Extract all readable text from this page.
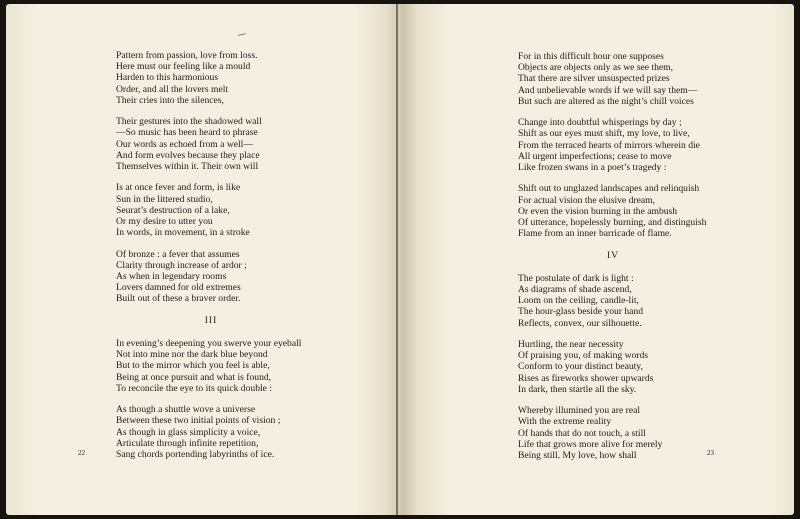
Pattern from passion, love from loss.
Here must our feeling like a mould
Harden to this harmonious
Order, and all the lovers melt
Their cries into the silences,
Their gestures into the shadowed wall
—So music has been heard to phrase
Our words as echoed from a well—
And form evolves because they place
Themselves within it. Their own will
Is at once fever and form, is like
Sun in the littered studio,
Seurat’s destruction of a lake,
Or my desire to utter you
In words, in movement, in a stroke
Of bronze : a fever that assumes
Clarity through increase of ardor ;
As when in legendary rooms
Lovers damned for old extremes
Built out of these a braver order.
III
In evening’s deepening you swerve your eyeball
Not into mine nor the dark blue beyond
But to the mirror which you feel is able,
Being at once pursuit and what is found,
To reconcile the eye to its quick double :
As though a shuttle wove a universe
Between these two initial points of vision ;
As though in glass simplicity a voice,
Articulate through infinite repetition,
Sang chords portending labyrinths of ice.
22
For in this difficult hour one supposes
Objects are objects only as we see them,
That there are silver unsuspected prizes
And unbelievable words if we will say them—
But such are altered as the night’s chill voices
Change into doubtful whisperings by day ;
Shift as our eyes must shift, my love, to live,
From the terraced hearts of mirrors wherein die
All urgent imperfections; cease to move
Like frozen swans in a poet’s tragedy :
Shift out to unglazed landscapes and relinquish
For actual vision the elusive dream,
Or even the vision burning in the ambush
Of utterance, hopelessly burning, and distinguish
Flame from an inner barricade of flame.
IV
The postulate of dark is light :
As diagrams of shade ascend,
Loom on the ceiling, candle-lit,
The hour-glass beside your hand
Reflects, convex, our silhouette.
Hurtling, the near necessity
Of praising you, of making words
Conform to your distinct beauty,
Rises as fireworks shower upwards
In dark, then startle all the sky.
Whereby illumined you are real
With the extreme reality
Of hands that do not touch, a still
Life that grows more alive for merely
Being still. My love, how shall	23
